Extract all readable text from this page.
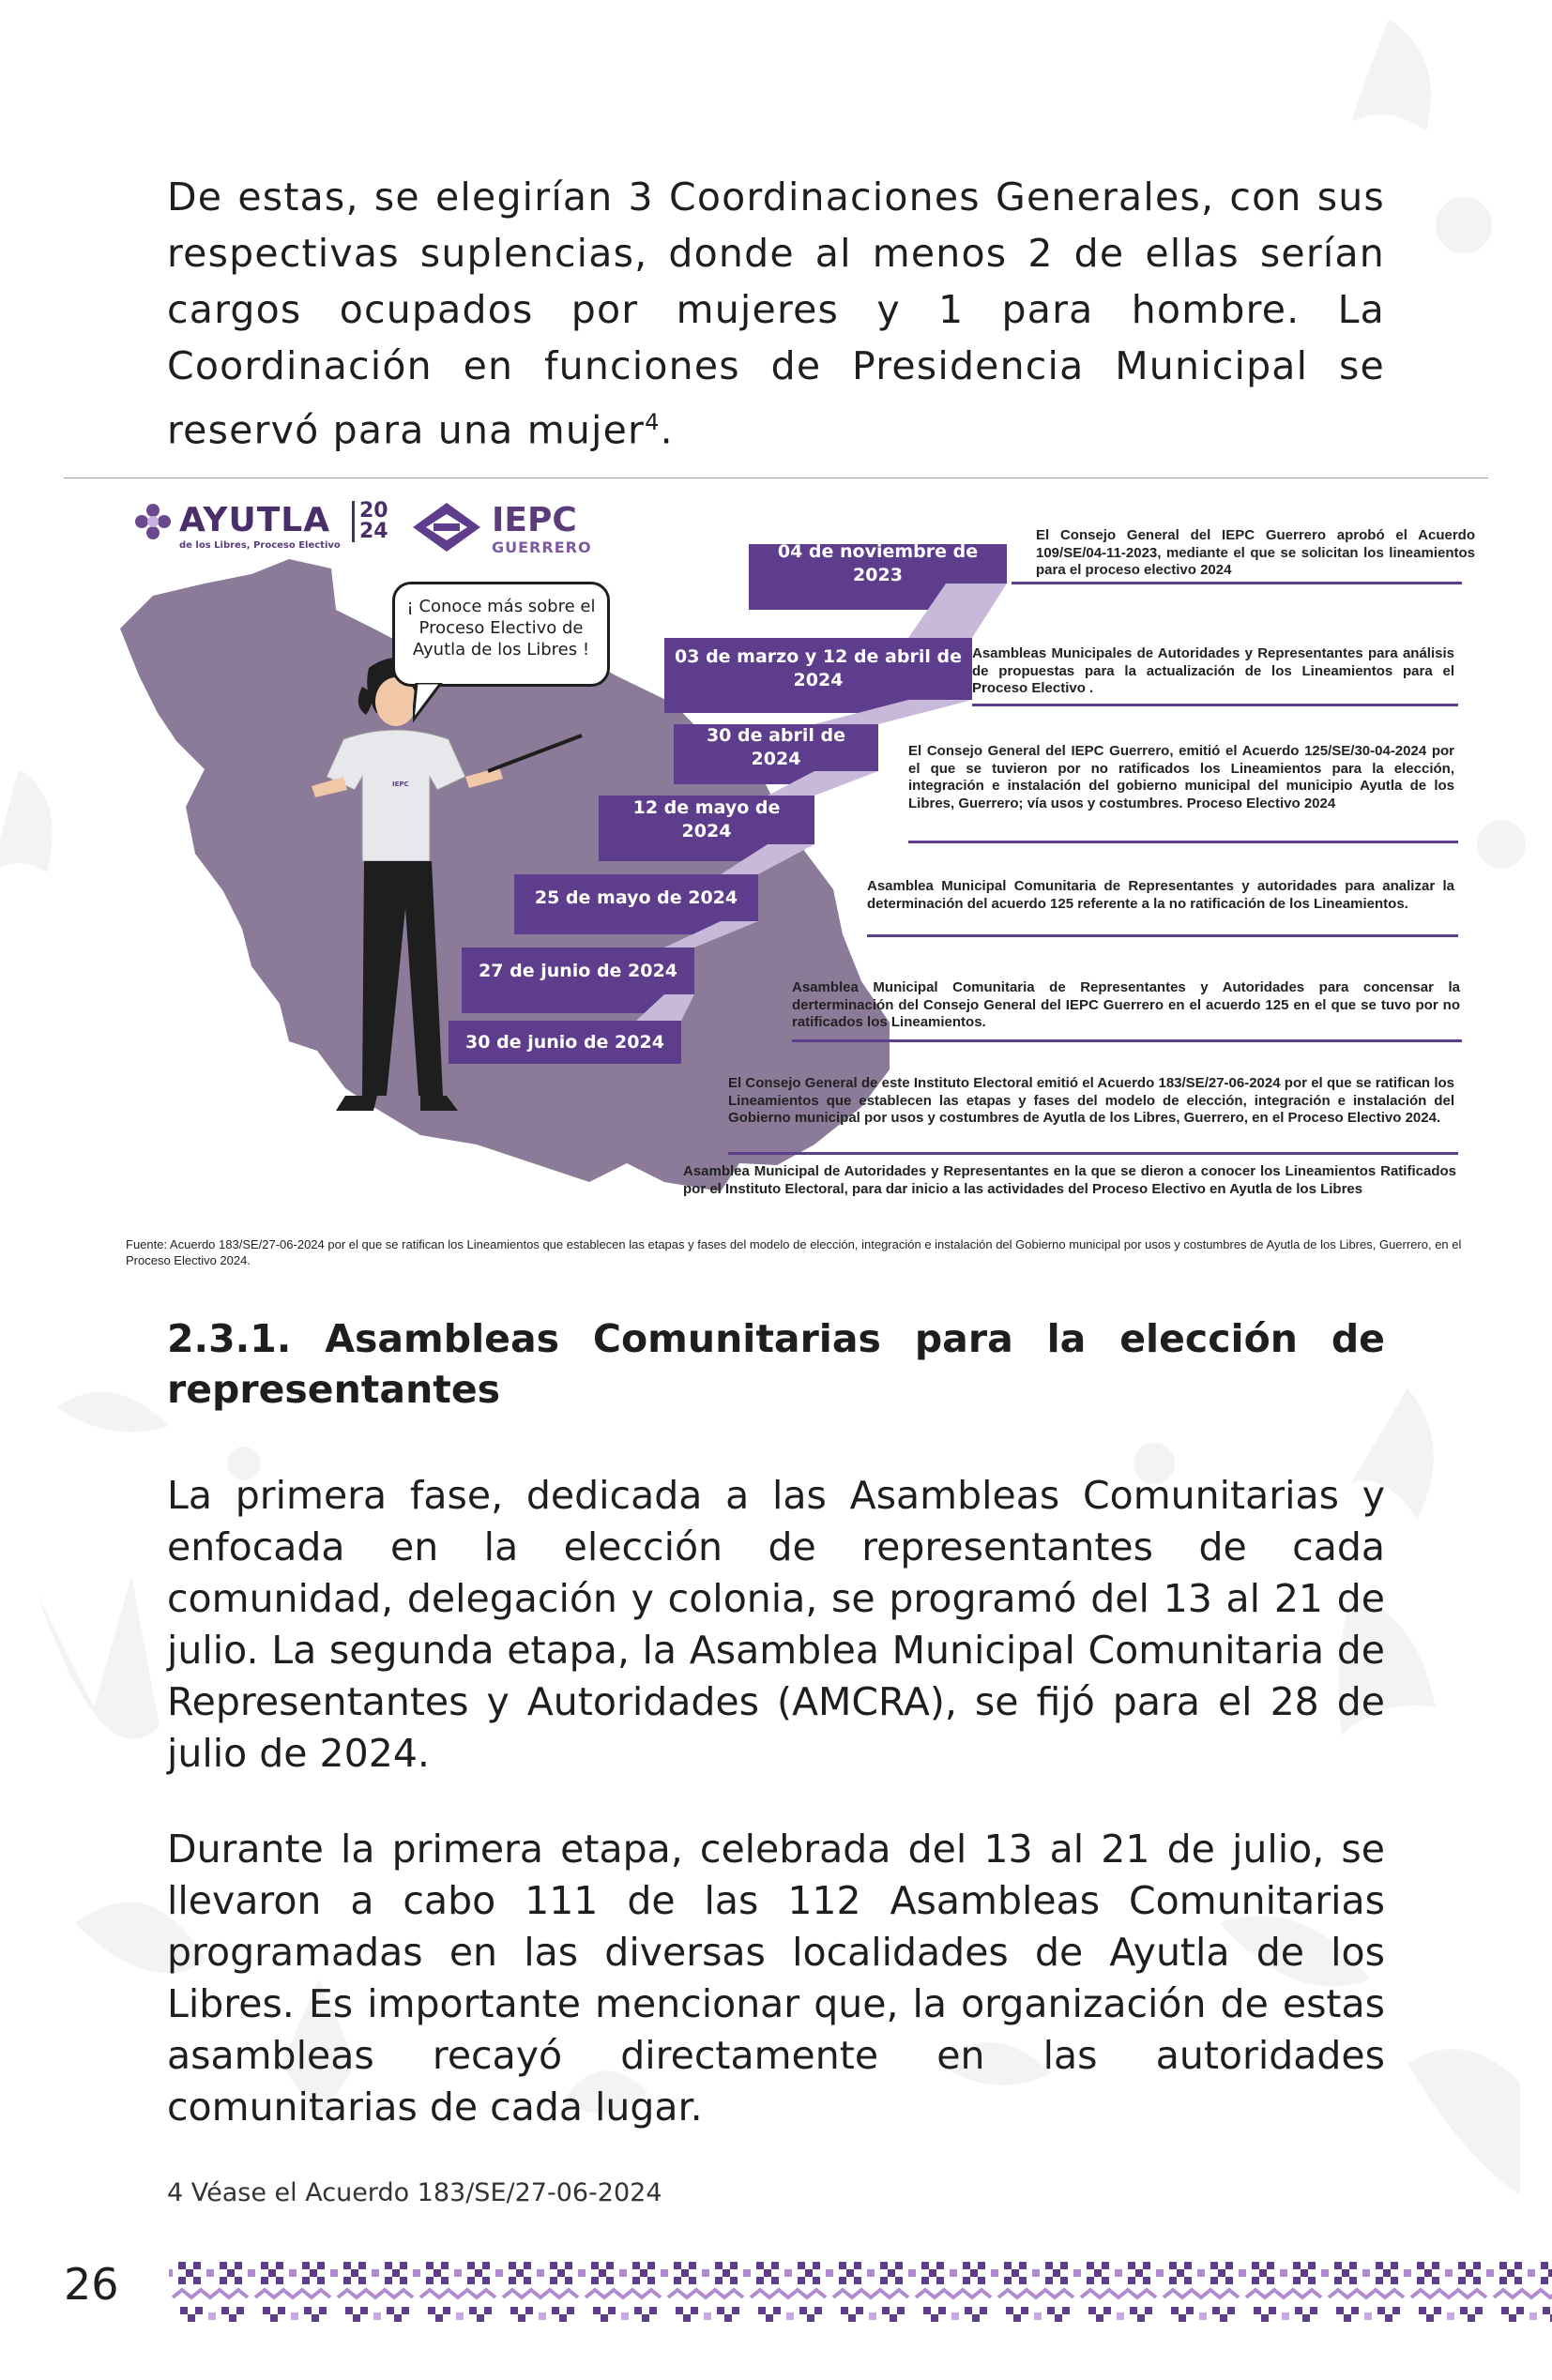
De estas, se elegirían 3 Coordinaciones Generales, con sus respectivas suplencias, donde al menos 2 de ellas serían cargos ocupados por mujeres y 1 para hombre. La Coordinación en funciones de Presidencia Municipal se reservó para una mujer$^4$.

AYUTLA	20
24
de los Libres, Proceso Electivo
IEPC
GUERRERO
¡ Conoce más sobre el Proceso Electivo de Ayutla de los Libres !
IEPC
04 de noviembre de 2023
03 de marzo y 12 de abril de 2024
30 de abril de 2024
12 de mayo de 2024
25 de mayo de 2024
27 de junio de 2024
30 de junio de 2024

El Consejo General del IEPC Guerrero aprobó el Acuerdo 109/SE/04-11-2023, mediante el que se solicitan los lineamientos para el proceso electivo 2024

Asambleas Municipales de Autoridades y Representantes para análisis de propuestas para la actualización de los Lineamientos para el Proceso Electivo .

El Consejo General del IEPC Guerrero, emitió el Acuerdo 125/SE/30-04-2024 por el que se tuvieron por no ratificados los Lineamientos para la elección, integración e instalación del gobierno municipal del municipio Ayutla de los Libres, Guerrero; vía usos y costumbres. Proceso Electivo 2024

Asamblea Municipal Comunitaria de Representantes y autoridades para analizar la determinación del acuerdo 125 referente a la no ratificación de los Lineamientos.

Asamblea Municipal Comunitaria de Representantes y Autoridades para concensar la derterminación del Consejo General del IEPC Guerrero en el acuerdo 125 en el que se tuvo por no ratificados los Lineamientos.

El Consejo General de este Instituto Electoral emitió el Acuerdo 183/SE/27-06-2024 por el que se ratifican los Lineamientos que establecen las etapas y fases del modelo de elección, integración e instalación del Gobierno municipal por usos y costumbres de Ayutla de los Libres, Guerrero, en el Proceso Electivo 2024.

Asamblea Municipal de Autoridades y Representantes en la que se dieron a conocer los Lineamientos Ratificados por el Instituto Electoral, para dar inicio a las actividades del Proceso Electivo en Ayutla de los Libres

Fuente: Acuerdo 183/SE/27-06-2024 por el que se ratifican los Lineamientos que establecen las etapas y fases del modelo de elección, integración e instalación del Gobierno municipal por usos y costumbres de Ayutla de los Libres, Guerrero, en el Proceso Electivo 2024.

2.3.1. Asambleas Comunitarias para la elección de representantes

La primera fase, dedicada a las Asambleas Comunitarias y enfocada en la elección de representantes de cada comunidad, delegación y colonia, se programó del 13 al 21 de julio. La segunda etapa, la Asamblea Municipal Comunitaria de Representantes y Autoridades (AMCRA), se fijó para el 28 de julio de 2024.

Durante la primera etapa, celebrada del 13 al 21 de julio, se llevaron a cabo 111 de las 112 Asambleas Comunitarias programadas en las diversas localidades de Ayutla de los Libres. Es importante mencionar que, la organización de estas asambleas recayó directamente en las autoridades comunitarias de cada lugar.

4 Véase el Acuerdo 183/SE/27-06-2024

26
